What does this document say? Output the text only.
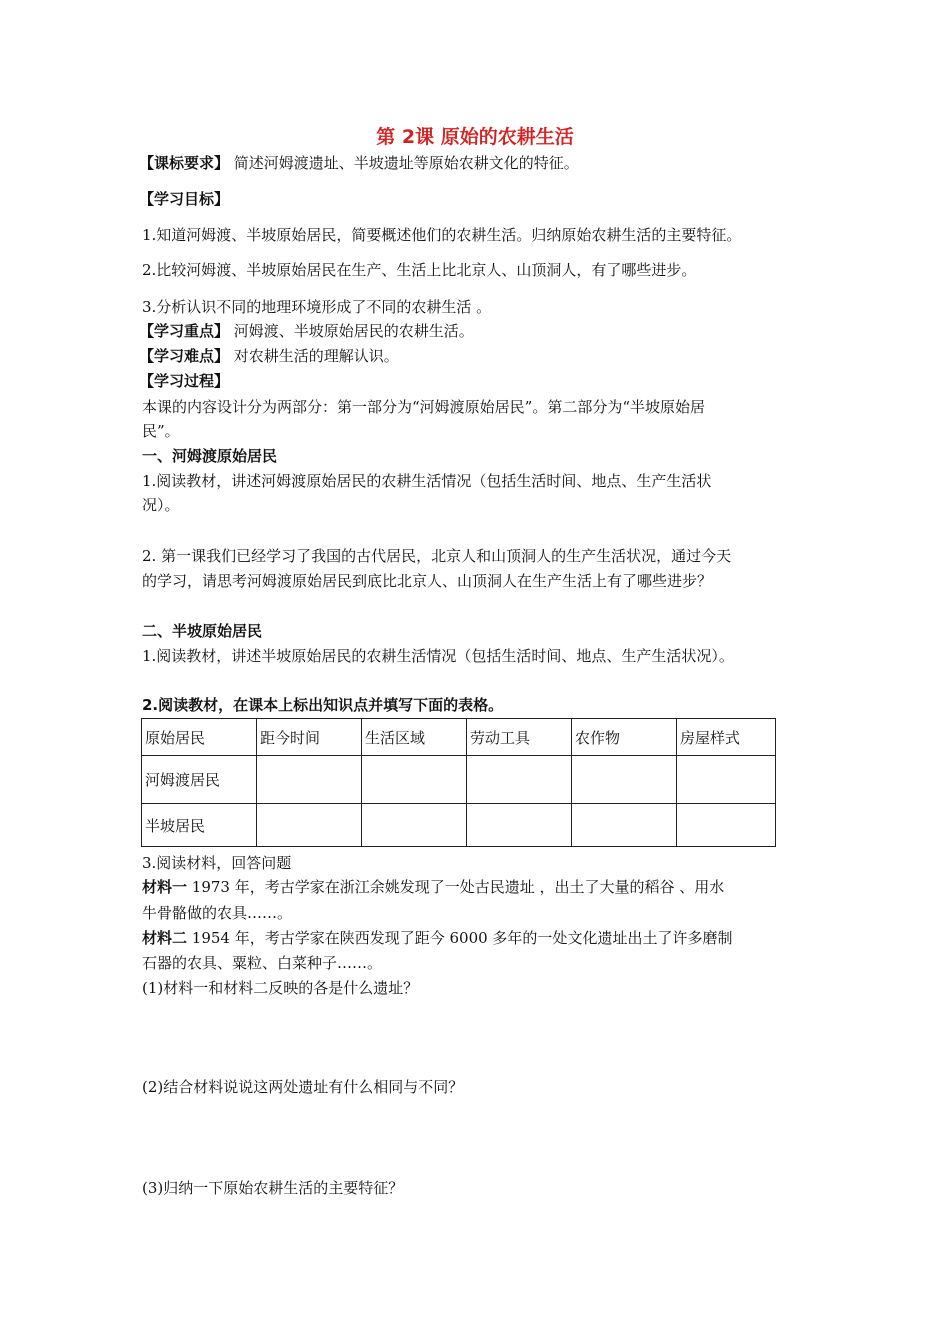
第 2课 原始的农耕生活
【课标要求】 简述河姆渡遗址、半坡遗址等原始农耕文化的特征。
【学习目标】
1.知道河姆渡、半坡原始居民，简要概述他们的农耕生活。归纳原始农耕生活的主要特征。
2.比较河姆渡、半坡原始居民在生产、生活上比北京人、山顶洞人，有了哪些进步。
3.分析认识不同的地理环境形成了不同的农耕生活 。
【学习重点】 河姆渡、半坡原始居民的农耕生活。
【学习难点】 对农耕生活的理解认识。
【学习过程】
本课的内容设计分为两部分：第一部分为“河姆渡原始居民”。第二部分为“半坡原始居
民”。
一、河姆渡原始居民
1.阅读教材，讲述河姆渡原始居民的农耕生活情况（包括生活时间、地点、生产生活状
况）。
2. 第一课我们已经学习了我国的古代居民，北京人和山顶洞人的生产生活状况，通过今天
的学习，请思考河姆渡原始居民到底比北京人、山顶洞人在生产生活上有了哪些进步？
二、半坡原始居民
1.阅读教材，讲述半坡原始居民的农耕生活情况（包括生活时间、地点、生产生活状况）。
2.阅读教材，在课本上标出知识点并填写下面的表格。
原始居民	距今时间	生活区域	劳动工具	农作物	房屋样式
河姆渡居民					
半坡居民					
3.阅读材料，回答问题
材料一 1973 年，考古学家在浙江余姚发现了一处古民遗址 ，出土了大量的稻谷 、用水
牛骨骼做的农具……。
材料二 1954 年，考古学家在陕西发现了距今 6000 多年的一处文化遗址出土了许多磨制
石器的农具、粟粒、白菜种子……。
(1)材料一和材料二反映的各是什么遗址？
(2)结合材料说说这两处遗址有什么相同与不同？
(3)归纳一下原始农耕生活的主要特征？
